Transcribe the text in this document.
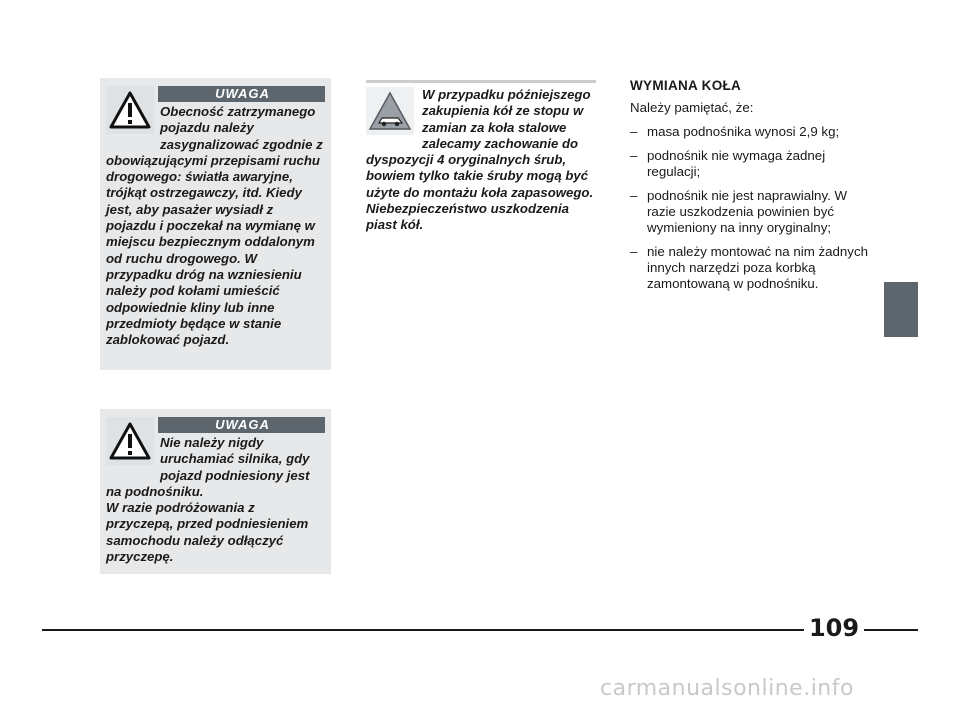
UWAGA
Obecność zatrzymanego pojazdu należy zasygnalizować zgodnie z obowiązującymi przepisami ruchu drogowego: światła awaryjne, trójkąt ostrzegawczy, itd. Kiedy jest, aby pasażer wysiadł z pojazdu i poczekał na wymianę w miejscu bezpiecznym oddalonym od ruchu drogowego. W przypadku dróg na wzniesieniu należy pod kołami umieścić odpowiednie kliny lub inne przedmioty będące w stanie zablokować pojazd.
UWAGA
Nie należy nigdy uruchamiać silnika, gdy pojazd podniesiony jest na podnośniku.
W razie podróżowania z przyczepą, przed podniesieniem samochodu należy odłączyć przyczepę.
W przypadku późniejszego zakupienia kół ze stopu w zamian za koła stalowe zalecamy zachowanie do dyspozycji 4 oryginalnych śrub, bowiem tylko takie śruby mogą być użyte do montażu koła zapasowego. Niebezpieczeństwo uszkodzenia piast kół.
WYMIANA KOŁA

Należy pamiętać, że:

– masa podnośnika wynosi 2,9 kg;
– podnośnik nie wymaga żadnej regulacji;
– podnośnik nie jest naprawialny. W razie uszkodzenia powinien być wymieniony na inny oryginalny;
– nie należy montować na nim żadnych innych narzędzi poza korbką zamontowaną w podnośniku.
109
carmanualsonline.info
